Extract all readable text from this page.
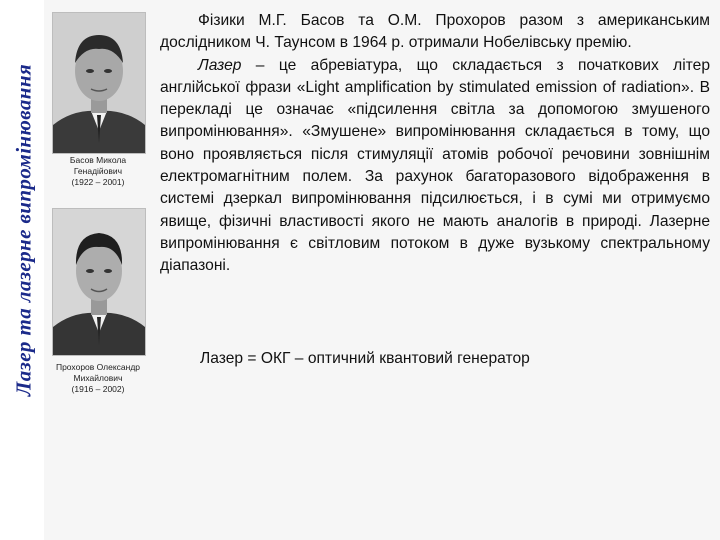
Лазер та лазерне випромінювання	Басов Микола
Генадійович
(1922 – 2001)
Прохоров Олександр
Михайлович
(1916 – 2002)

Фізики М.Г. Басов та О.М. Прохоров разом з американським дослідником Ч. Таунсом в 1964 р. отримали Нобелівську премію.

Лазер – це абревіатура, що складається з початкових літер англійської фрази «Light amplification by stimulated emission of radiation». В перекладі це означає «підсилення світла за допомогою змушеного випромінювання». «Змушене» випромінювання складається в тому, що воно проявляється після стимуляції атомів робочої речовини зовнішнім електромагнітним полем. За рахунок багаторазового відображення в системі дзеркал випромінювання підсилюється, і в сумі ми отримуємо явище, фізичні властивості якого не мають аналогів в природі. Лазерне випромінювання є світловим потоком в дуже вузькому спектральному діапазоні.

Лазер = ОКГ – оптичний квантовий генератор
